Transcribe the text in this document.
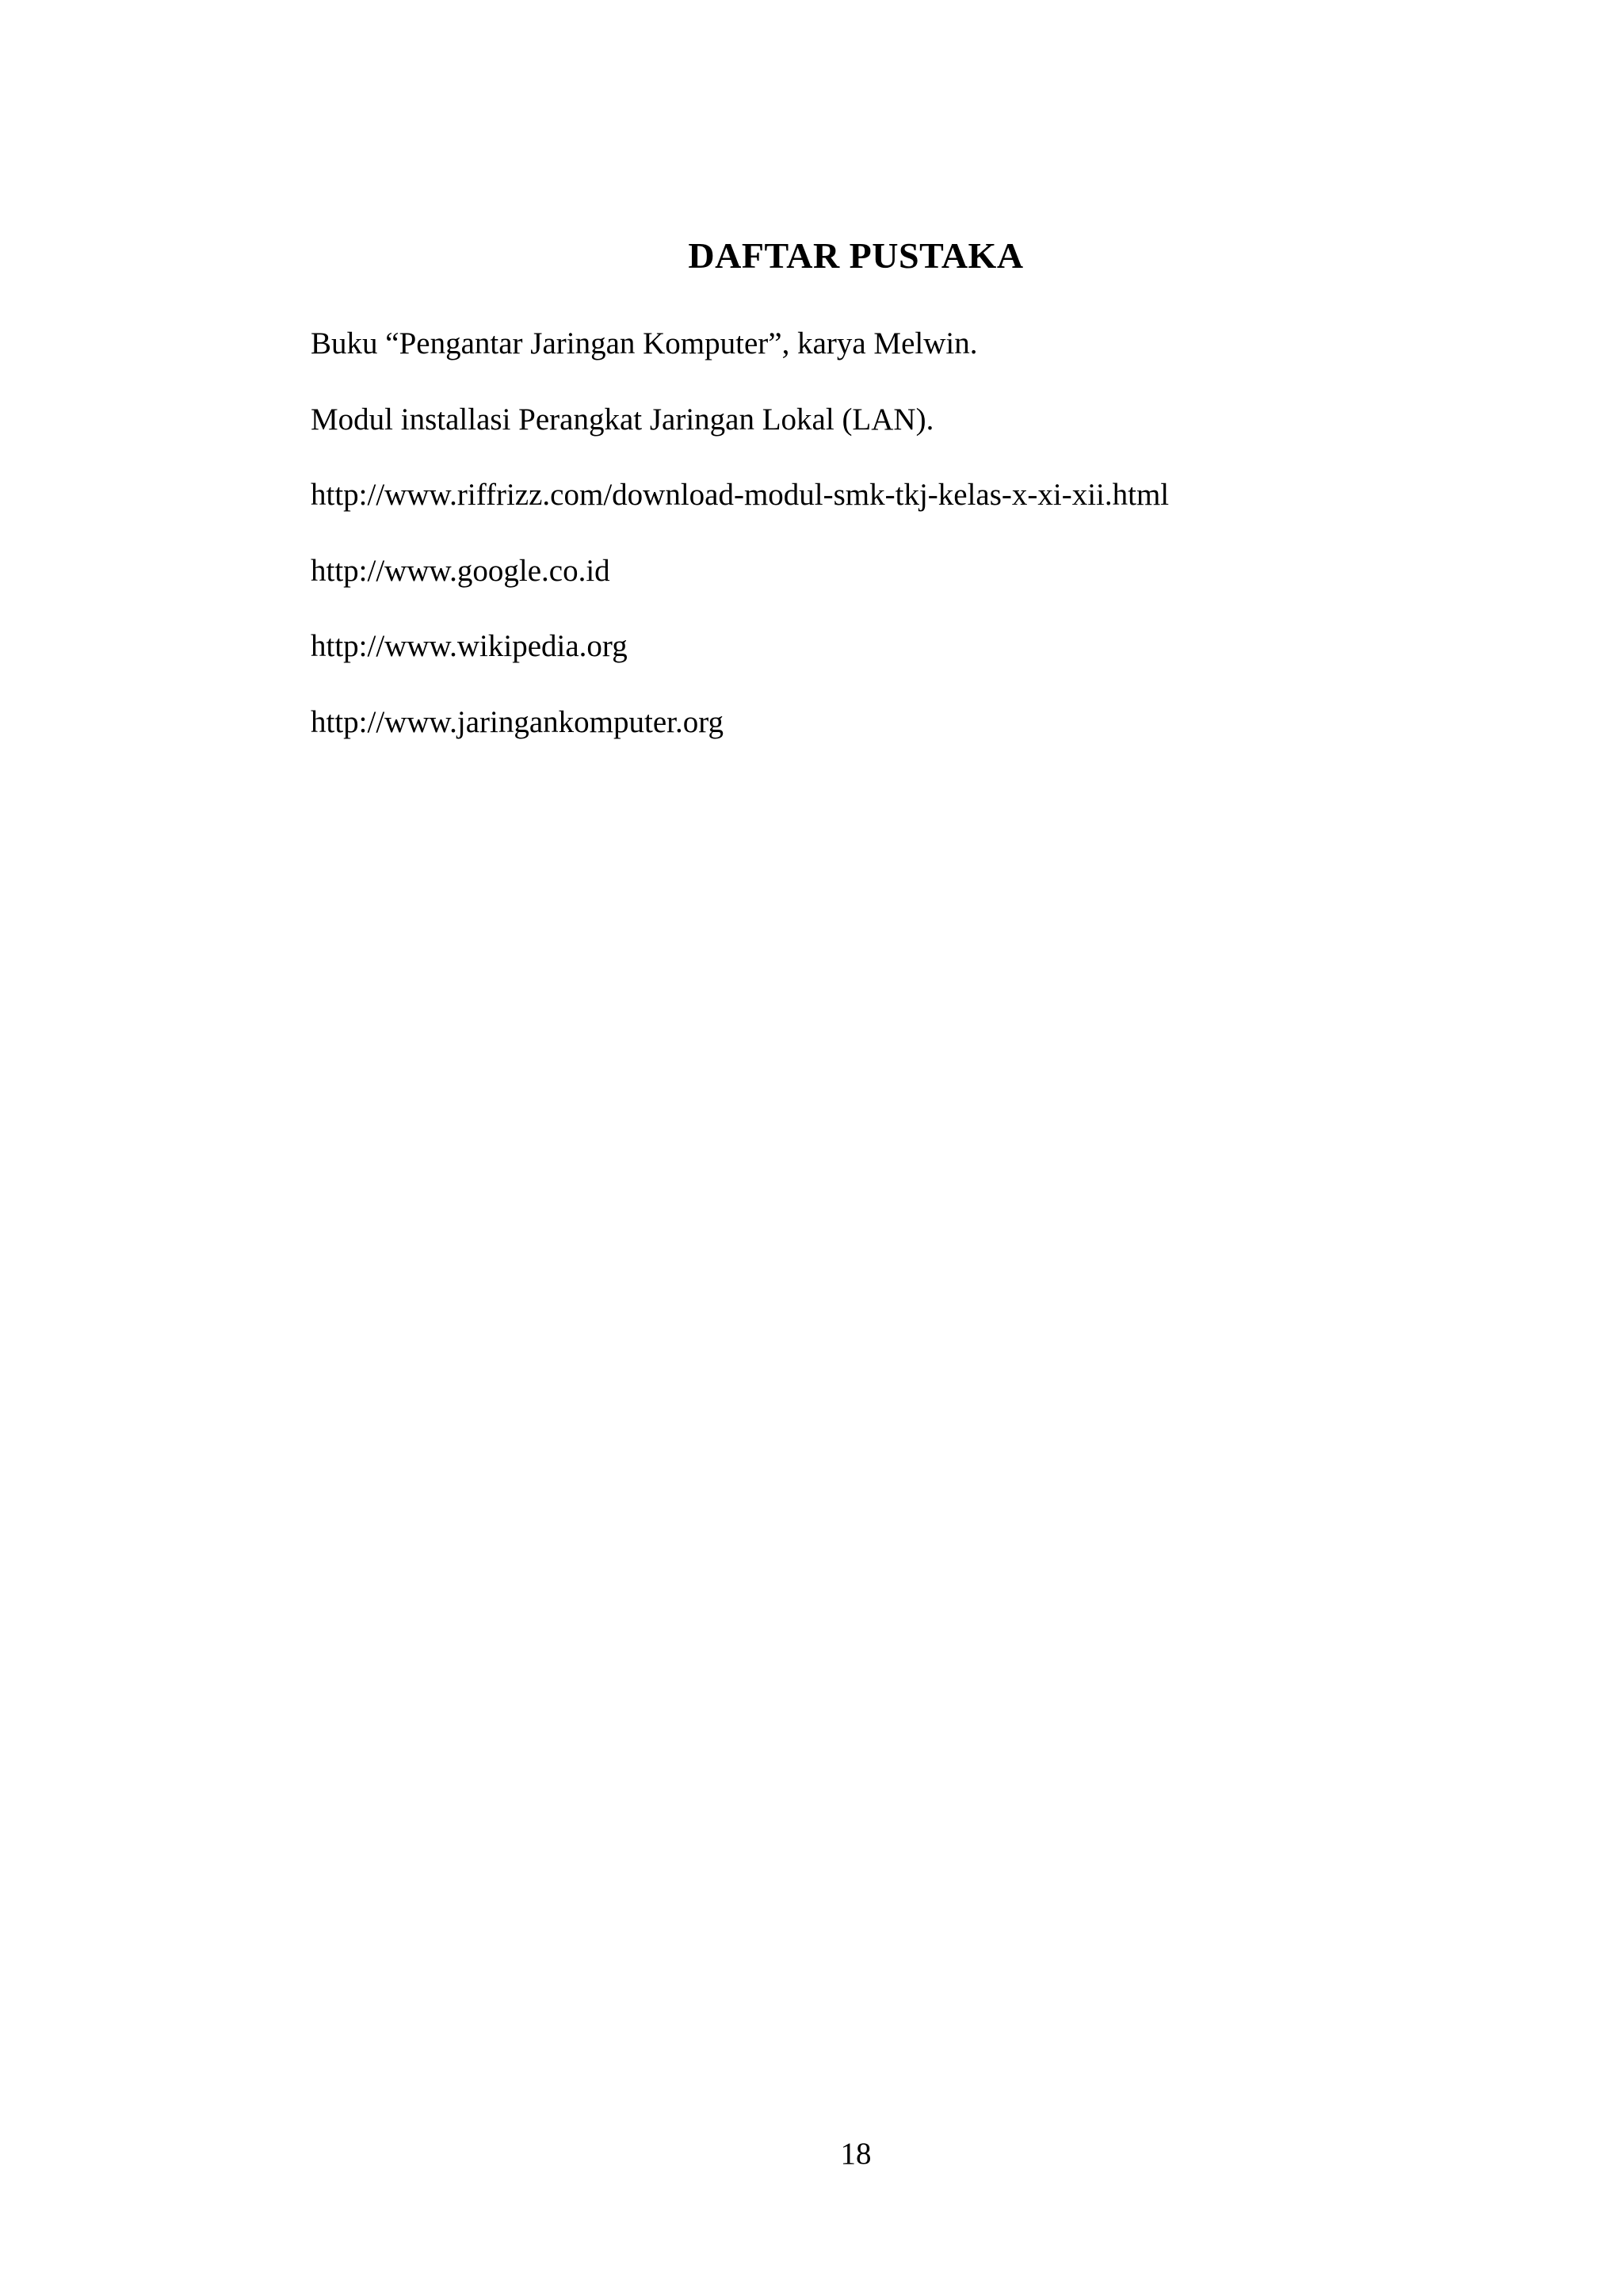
DAFTAR PUSTAKA
Buku “Pengantar Jaringan Komputer”, karya Melwin.
Modul installasi Perangkat Jaringan Lokal (LAN).
http://www.riffrizz.com/download-modul-smk-tkj-kelas-x-xi-xii.html
http://www.google.co.id
http://www.wikipedia.org
http://www.jaringankomputer.org
18
